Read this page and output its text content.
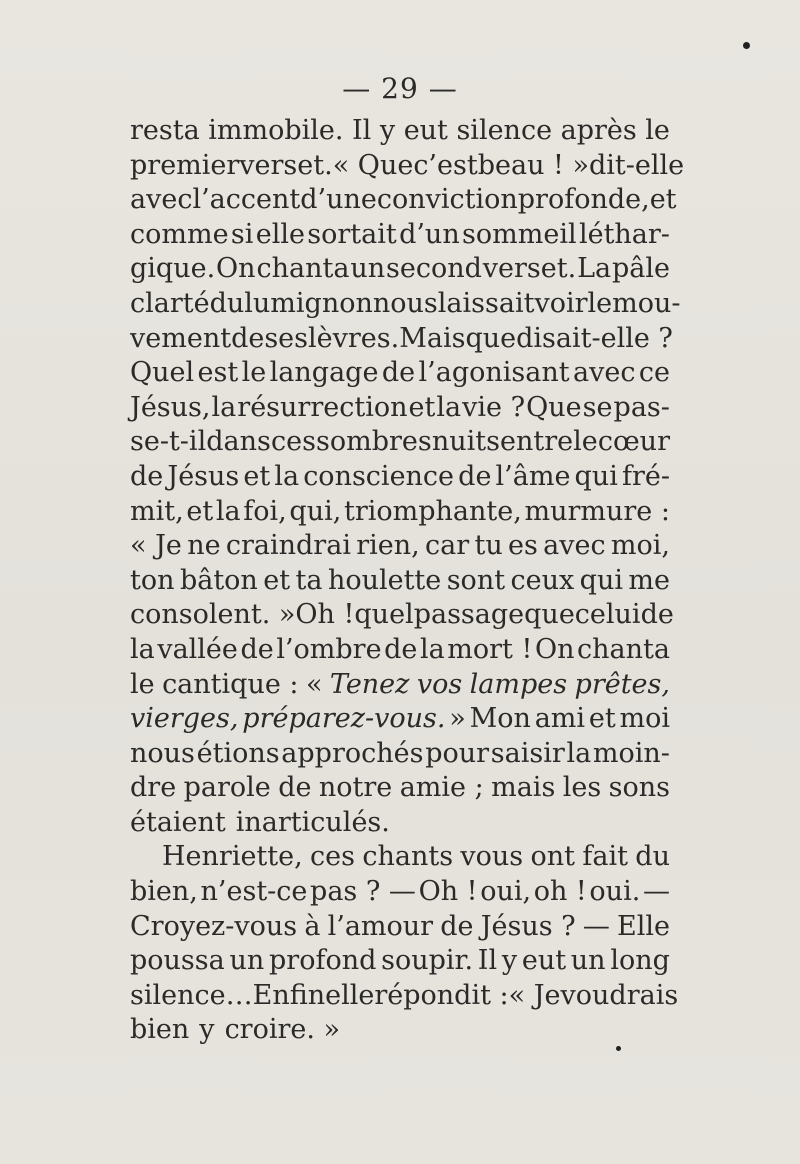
— 29 —
resta immobile. Il y eut silence après le
premier verset. « Que c’est beau ! » dit-elle
avec l’accent d’une conviction profonde, et
comme si elle sortait d’un sommeil léthar-
gique. On chanta un second verset. La pâle
clarté du lumignon nous laissait voir le mou-
vement de ses lèvres. Mais que disait-elle ?
Quel est le langage de l’agonisant avec ce
Jésus, la résurrection et la vie ? Que se pas-
se-t-il dans ces sombres nuits entre le cœur
de Jésus et la conscience de l’âme qui fré-
mit, et la foi, qui, triomphante, murmure :
« Je ne craindrai rien, car tu es avec moi,
ton bâton et ta houlette sont ceux qui me
consolent. » Oh ! quel passage que celui de
la vallée de l’ombre de la mort ! On chanta
le cantique : « Tenez vos lampes prêtes,
vierges, préparez-vous. » Mon ami et moi
nous étions approchés pour saisir la moin-
dre parole de notre amie ; mais les sons
étaient inarticulés.
Henriette, ces chants vous ont fait du
bien, n’est-ce pas ? — Oh ! oui, oh ! oui. —
Croyez-vous à l’amour de Jésus ? — Elle
poussa un profond soupir. Il y eut un long
silence… Enfin elle répondit : « Je voudrais
bien y croire. »
